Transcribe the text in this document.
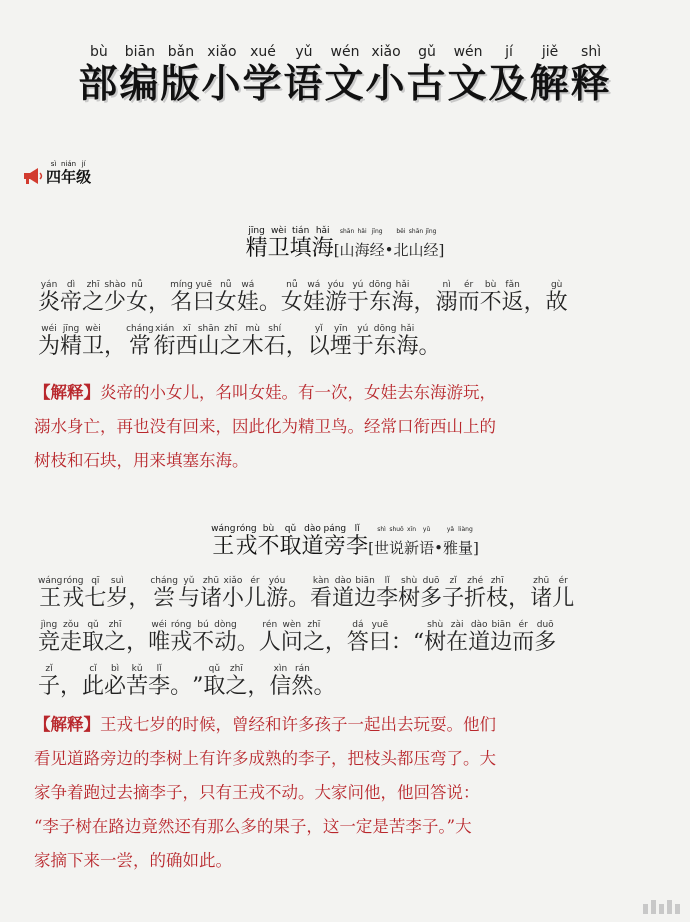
部bù编biān版bǎn小xiǎo学xué语yǔ文wén小xiǎo古gǔ文wén及jí解jiě释shì
四sì年nián级jí
精jīng卫wèi填tián海hǎi[山shān海hǎi经jīng• 北běi山shān经jīng]
炎yán帝dì之zhī少shào女nǚ， 名míng曰yuē女nǚ娃wá。 女nǚ娃wá游yóu于yú东dōng海hǎi， 溺nì而ér不bù返fǎn， 故gù
为wéi精jīng卫wèi， 常cháng衔xián西xī山shān之zhī木mù石shí， 以yǐ堙yīn于yú东dōng海hǎi。
【解释】炎帝的小女儿，名叫女娃。有一次，女娃去东海游玩，
溺水身亡，再也没有回来，因此化为精卫鸟。经常口衔西山上的
树枝和石块，用来填塞东海。
王wáng戎róng不bù取qǔ道dào旁páng李lǐ[世shì说shuō新xīn语yǔ• 雅yǎ量liàng]
王wáng戎róng七qī岁suì， 尝cháng与yǔ诸zhū小xiǎo儿ér游yóu。 看kàn道dào边biān李lǐ树shù多duō子zǐ折zhé枝zhī， 诸zhū儿ér
竞jìng走zǒu取qǔ之zhī， 唯wéi戎róng不bú动dòng。 人rén问wèn之zhī， 答dá曰yuē： “ 树shù在zài道dào边biān而ér多duō
子zǐ， 此cǐ必bì苦kǔ李lǐ。 ” 取qǔ之zhī， 信xìn然rán。
【解释】王戎七岁的时候，曾经和许多孩子一起出去玩耍。他们
看见道路旁边的李树上有许多成熟的李子，把枝头都压弯了。大
家争着跑过去摘李子，只有王戎不动。大家问他，他回答说：
“李子树在路边竟然还有那么多的果子，这一定是苦李子。”大
家摘下来一尝，的确如此。
